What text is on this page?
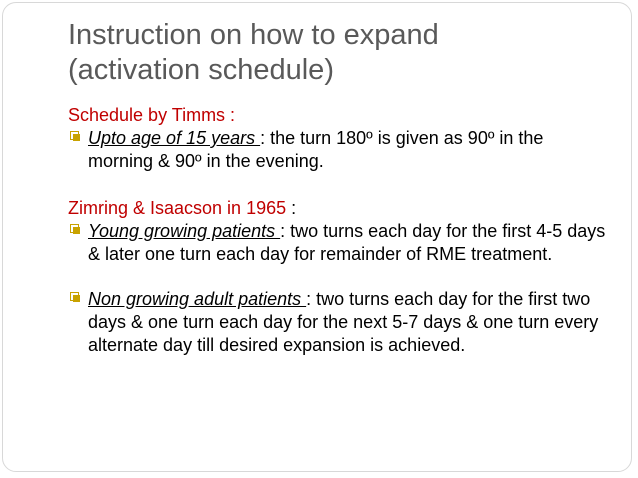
Instruction on how to expand
(activation schedule)
Schedule by Timms :
Upto age of 15 years : the turn 180º is given as 90º in the morning & 90º in the evening.
Zimring & Isaacson in 1965 :
Young growing patients : two turns each day for the first 4-5 days & later one turn each day for remainder of RME treatment.
Non growing adult patients : two turns each day for the first two days & one turn each day for the next 5-7 days & one turn every alternate day till desired expansion is achieved.
